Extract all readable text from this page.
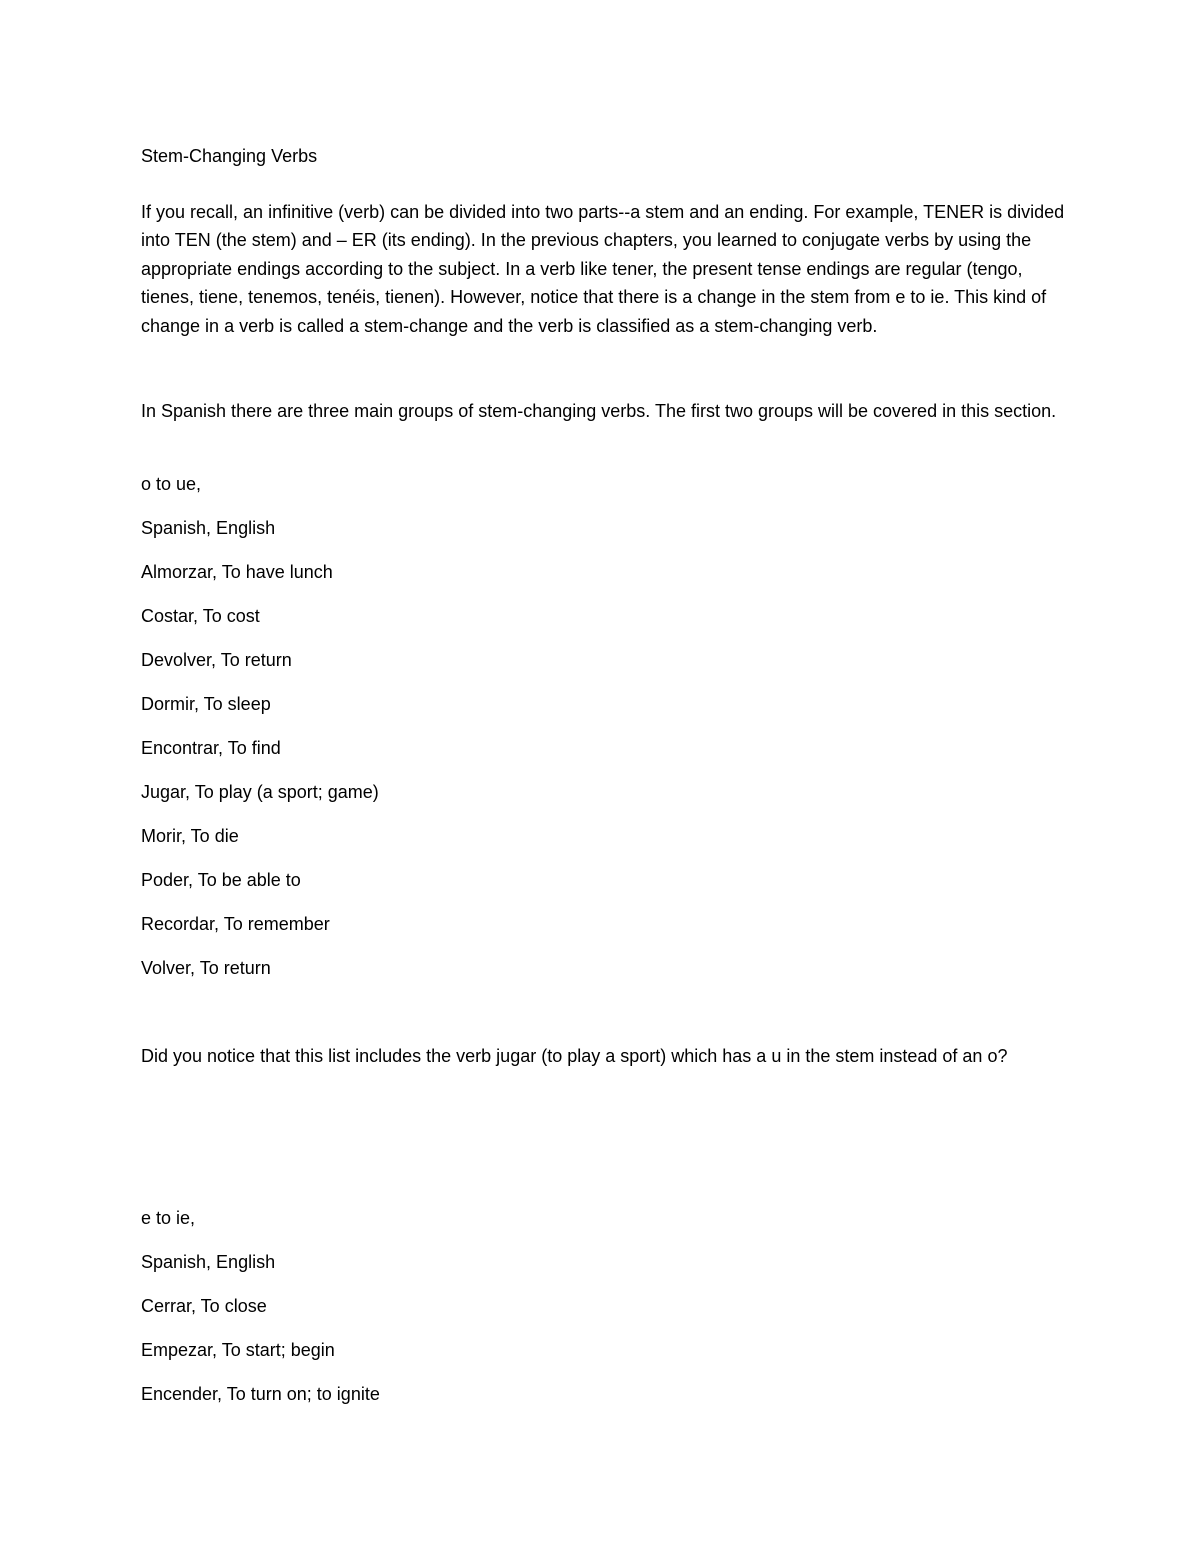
Stem-Changing Verbs

If you recall, an infinitive (verb) can be divided into two parts--a stem and an ending. For example, TENER is divided into TEN (the stem) and – ER (its ending). In the previous chapters, you learned to conjugate verbs by using the appropriate endings according to the subject. In a verb like tener, the present tense endings are regular (tengo, tienes, tiene, tenemos, tenéis, tienen). However, notice that there is a change in the stem from e to ie. This kind of change in a verb is called a stem-change and the verb is classified as a stem-changing verb.

In Spanish there are three main groups of stem-changing verbs. The first two groups will be covered in this section.

o to ue,

Spanish, English

Almorzar, To have lunch

Costar, To cost

Devolver, To return

Dormir, To sleep

Encontrar, To find

Jugar, To play (a sport; game)

Morir, To die

Poder, To be able to

Recordar, To remember

Volver, To return

Did you notice that this list includes the verb jugar (to play a sport) which has a u in the stem instead of an o?

e to ie,

Spanish, English

Cerrar, To close

Empezar, To start; begin

Encender, To turn on; to ignite
